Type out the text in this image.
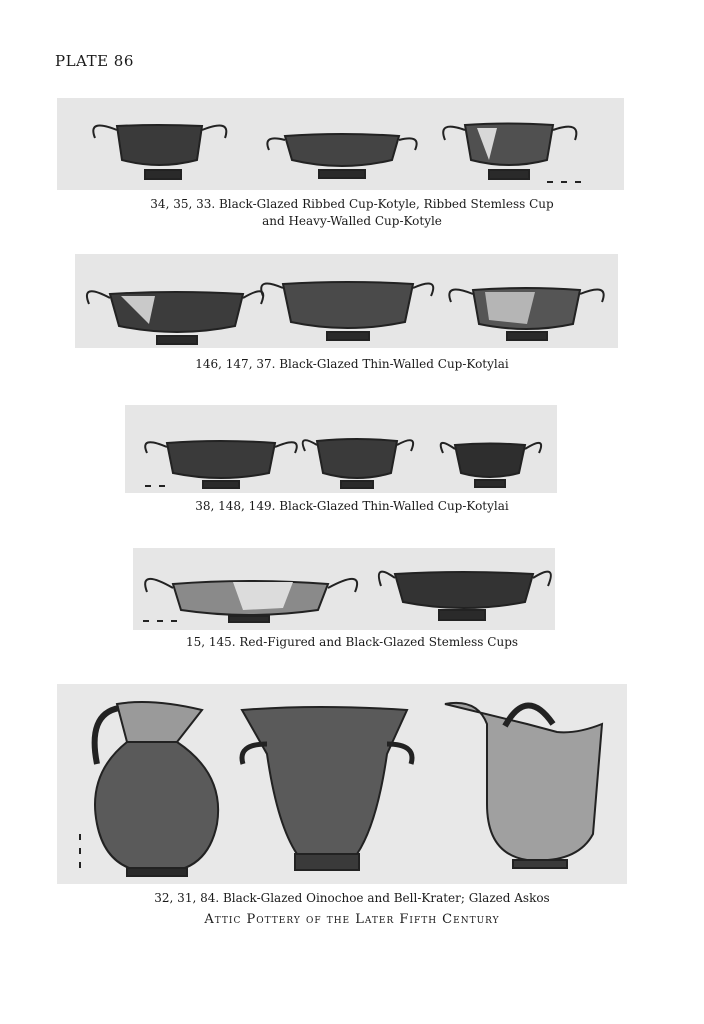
PLATE 86
34, 35, 33. Black-Glazed Ribbed Cup-Kotyle, Ribbed Stemless Cup
and Heavy-Walled Cup-Kotyle
146, 147, 37. Black-Glazed Thin-Walled Cup-Kotylai
38, 148, 149. Black-Glazed Thin-Walled Cup-Kotylai
15, 145. Red-Figured and Black-Glazed Stemless Cups
32, 31, 84. Black-Glazed Oinochoe and Bell-Krater; Glazed Askos
Attic Pottery of the Later Fifth Century
